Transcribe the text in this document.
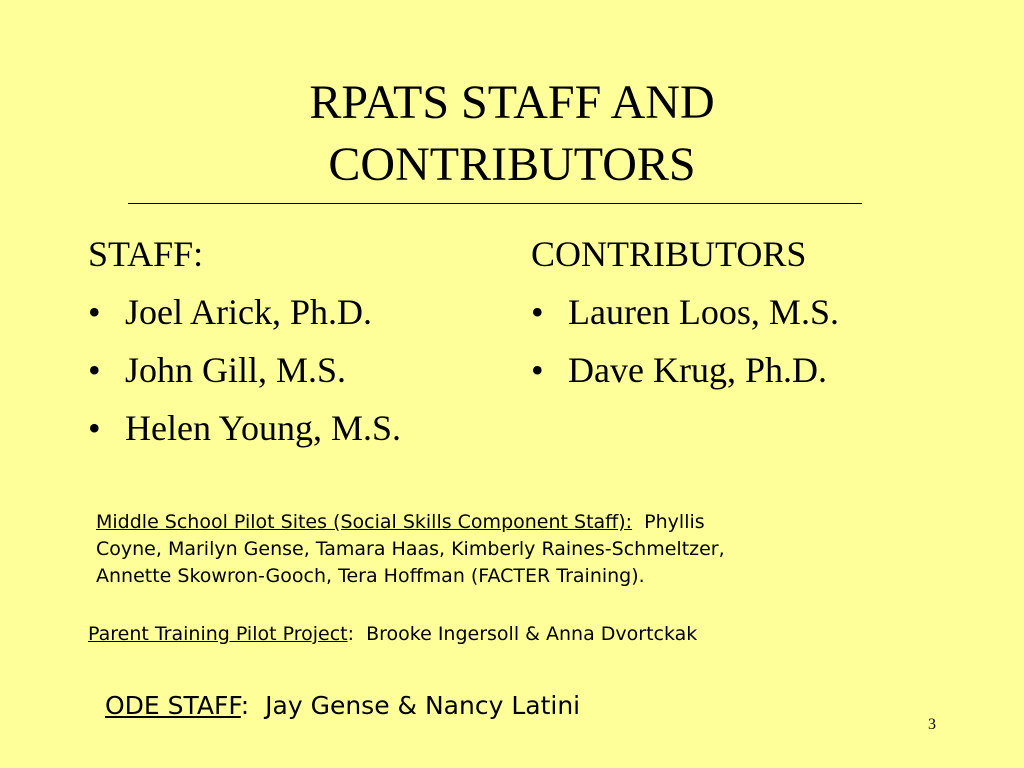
RPATS STAFF AND
CONTRIBUTORS
STAFF:
• Joel Arick, Ph.D.
• John Gill, M.S.
• Helen Young, M.S.
CONTRIBUTORS
• Lauren Loos, M.S.
• Dave Krug, Ph.D.
Middle School Pilot Sites (Social Skills Component Staff): Phyllis
Coyne, Marilyn Gense, Tamara Haas, Kimberly Raines-Schmeltzer,
Annette Skowron-Gooch, Tera Hoffman (FACTER Training).
Parent Training Pilot Project: Brooke Ingersoll & Anna Dvortckak
ODE STAFF: Jay Gense & Nancy Latini
3
